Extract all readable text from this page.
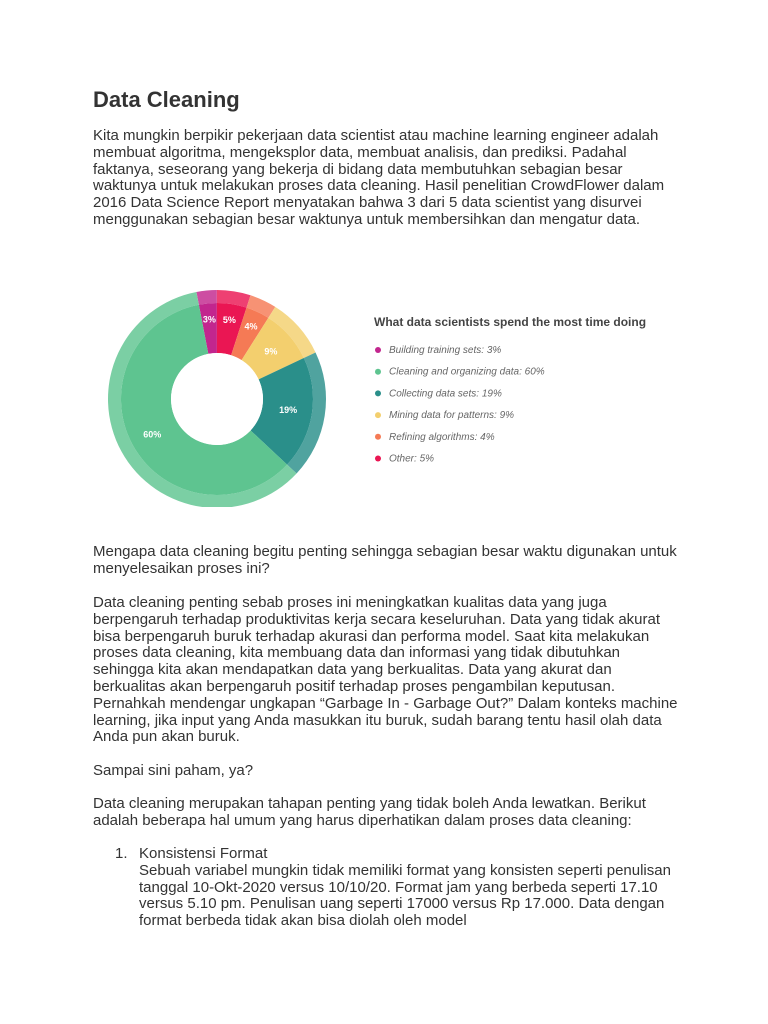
Data Cleaning

Kita mungkin berpikir pekerjaan data scientist atau machine learning engineer adalah membuat algoritma, mengeksplor data, membuat analisis, dan prediksi. Padahal faktanya, seseorang yang bekerja di bidang data membutuhkan sebagian besar waktunya untuk melakukan proses data cleaning. Hasil penelitian CrowdFlower dalam 2016 Data Science Report menyatakan bahwa 3 dari 5 data scientist yang disurvei menggunakan sebagian besar waktunya untuk membersihkan dan mengatur data.

3% 5%
4%
9%
19%
60%
What data scientists spend the most time doing
Building training sets: 3%
Cleaning and organizing data: 60%
Collecting data sets: 19%
Mining data for patterns: 9%
Refining algorithms: 4%
Other: 5%

Mengapa data cleaning begitu penting sehingga sebagian besar waktu digunakan untuk menyelesaikan proses ini?

Data cleaning penting sebab proses ini meningkatkan kualitas data yang juga berpengaruh terhadap produktivitas kerja secara keseluruhan. Data yang tidak akurat bisa berpengaruh buruk terhadap akurasi dan performa model. Saat kita melakukan proses data cleaning, kita membuang data dan informasi yang tidak dibutuhkan sehingga kita akan mendapatkan data yang berkualitas. Data yang akurat dan berkualitas akan berpengaruh positif terhadap proses pengambilan keputusan. Pernahkah mendengar ungkapan “Garbage In - Garbage Out?” Dalam konteks machine learning, jika input yang Anda masukkan itu buruk, sudah barang tentu hasil olah data Anda pun akan buruk.

Sampai sini paham, ya?

Data cleaning merupakan tahapan penting yang tidak boleh Anda lewatkan. Berikut adalah beberapa hal umum yang harus diperhatikan dalam proses data cleaning:

1. Konsistensi Format
Sebuah variabel mungkin tidak memiliki format yang konsisten seperti penulisan tanggal 10-Okt-2020 versus 10/10/20. Format jam yang berbeda seperti 17.10 versus 5.10 pm. Penulisan uang seperti 17000 versus Rp 17.000. Data dengan format berbeda tidak akan bisa diolah oleh model
